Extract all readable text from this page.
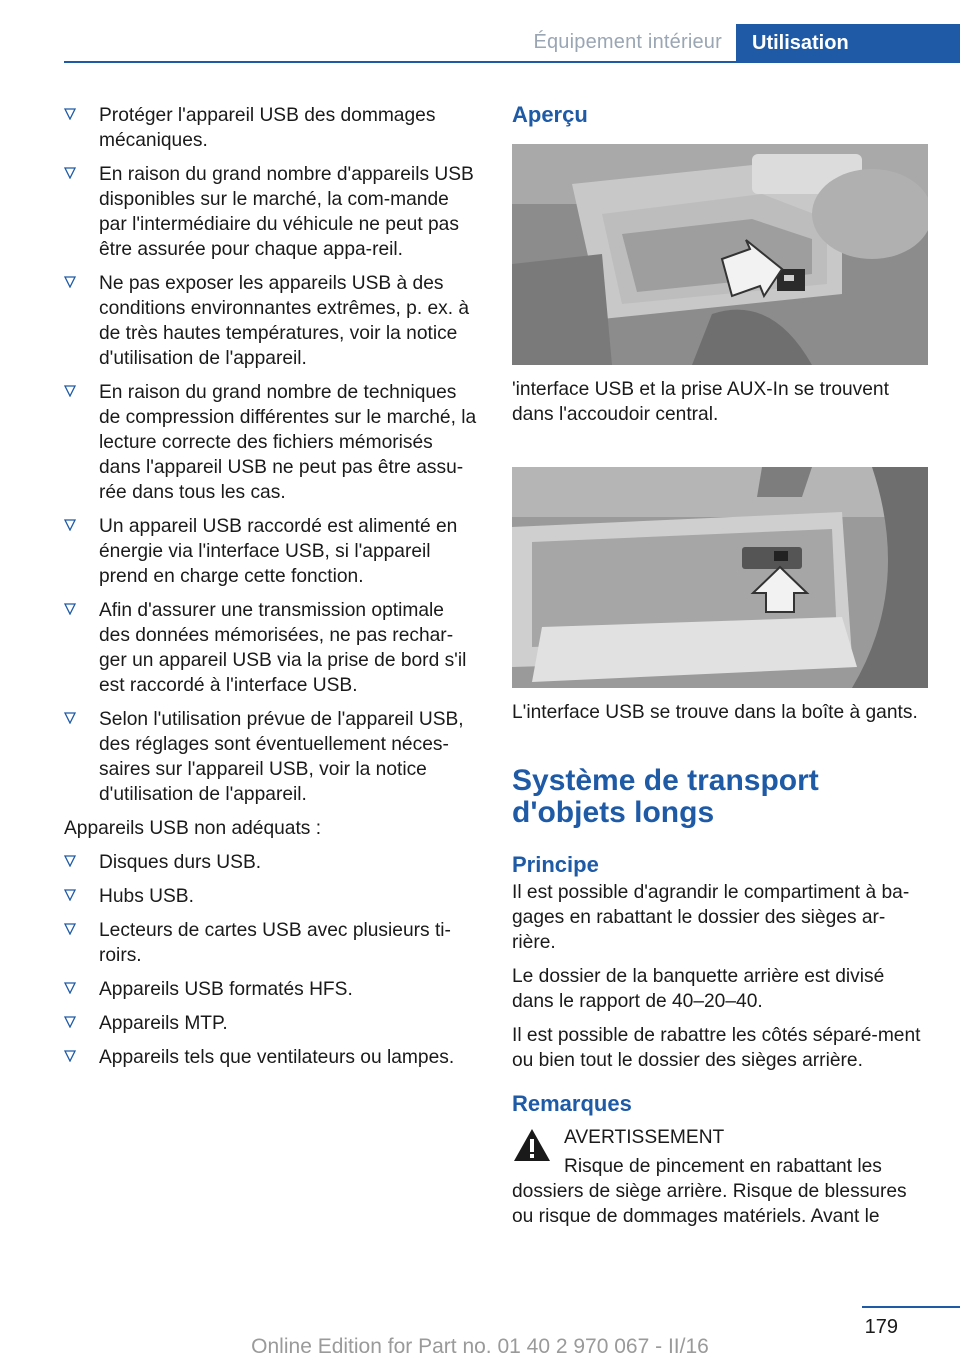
Équipement intérieur	Utilisation
Protéger l'appareil USB des dommages mécaniques.
En raison du grand nombre d'appareils USB disponibles sur le marché, la com-mande par l'intermédiaire du véhicule ne peut pas être assurée pour chaque appa-reil.
Ne pas exposer les appareils USB à des conditions environnantes extrêmes, p. ex. à de très hautes températures, voir la notice d'utilisation de l'appareil.
En raison du grand nombre de techniques de compression différentes sur le marché, la lecture correcte des fichiers mémorisés dans l'appareil USB ne peut pas être assu-rée dans tous les cas.
Un appareil USB raccordé est alimenté en énergie via l'interface USB, si l'appareil prend en charge cette fonction.
Afin d'assurer une transmission optimale des données mémorisées, ne pas rechar-ger un appareil USB via la prise de bord s'il est raccordé à l'interface USB.
Selon l'utilisation prévue de l'appareil USB, des réglages sont éventuellement néces-saires sur l'appareil USB, voir la notice d'utilisation de l'appareil.

Appareils USB non adéquats :

Disques durs USB.
Hubs USB.
Lecteurs de cartes USB avec plusieurs ti-roirs.
Appareils USB formatés HFS.
Appareils MTP.
Appareils tels que ventilateurs ou lampes.
Aperçu

'interface USB et la prise AUX-In se trouvent dans l'accoudoir central.

L'interface USB se trouve dans la boîte à gants.

Système de transport d'objets longs
Principe

Il est possible d'agrandir le compartiment à ba-gages en rabattant le dossier des sièges ar-rière.

Le dossier de la banquette arrière est divisé dans le rapport de 40–20–40.

Il est possible de rabattre les côtés séparé-ment ou bien tout le dossier des sièges arrière.

Remarques

AVERTISSEMENT

Risque de pincement en rabattant les

dossiers de siège arrière. Risque de blessures ou risque de dommages matériels. Avant le

179
Online Edition for Part no. 01 40 2 970 067 - II/16
